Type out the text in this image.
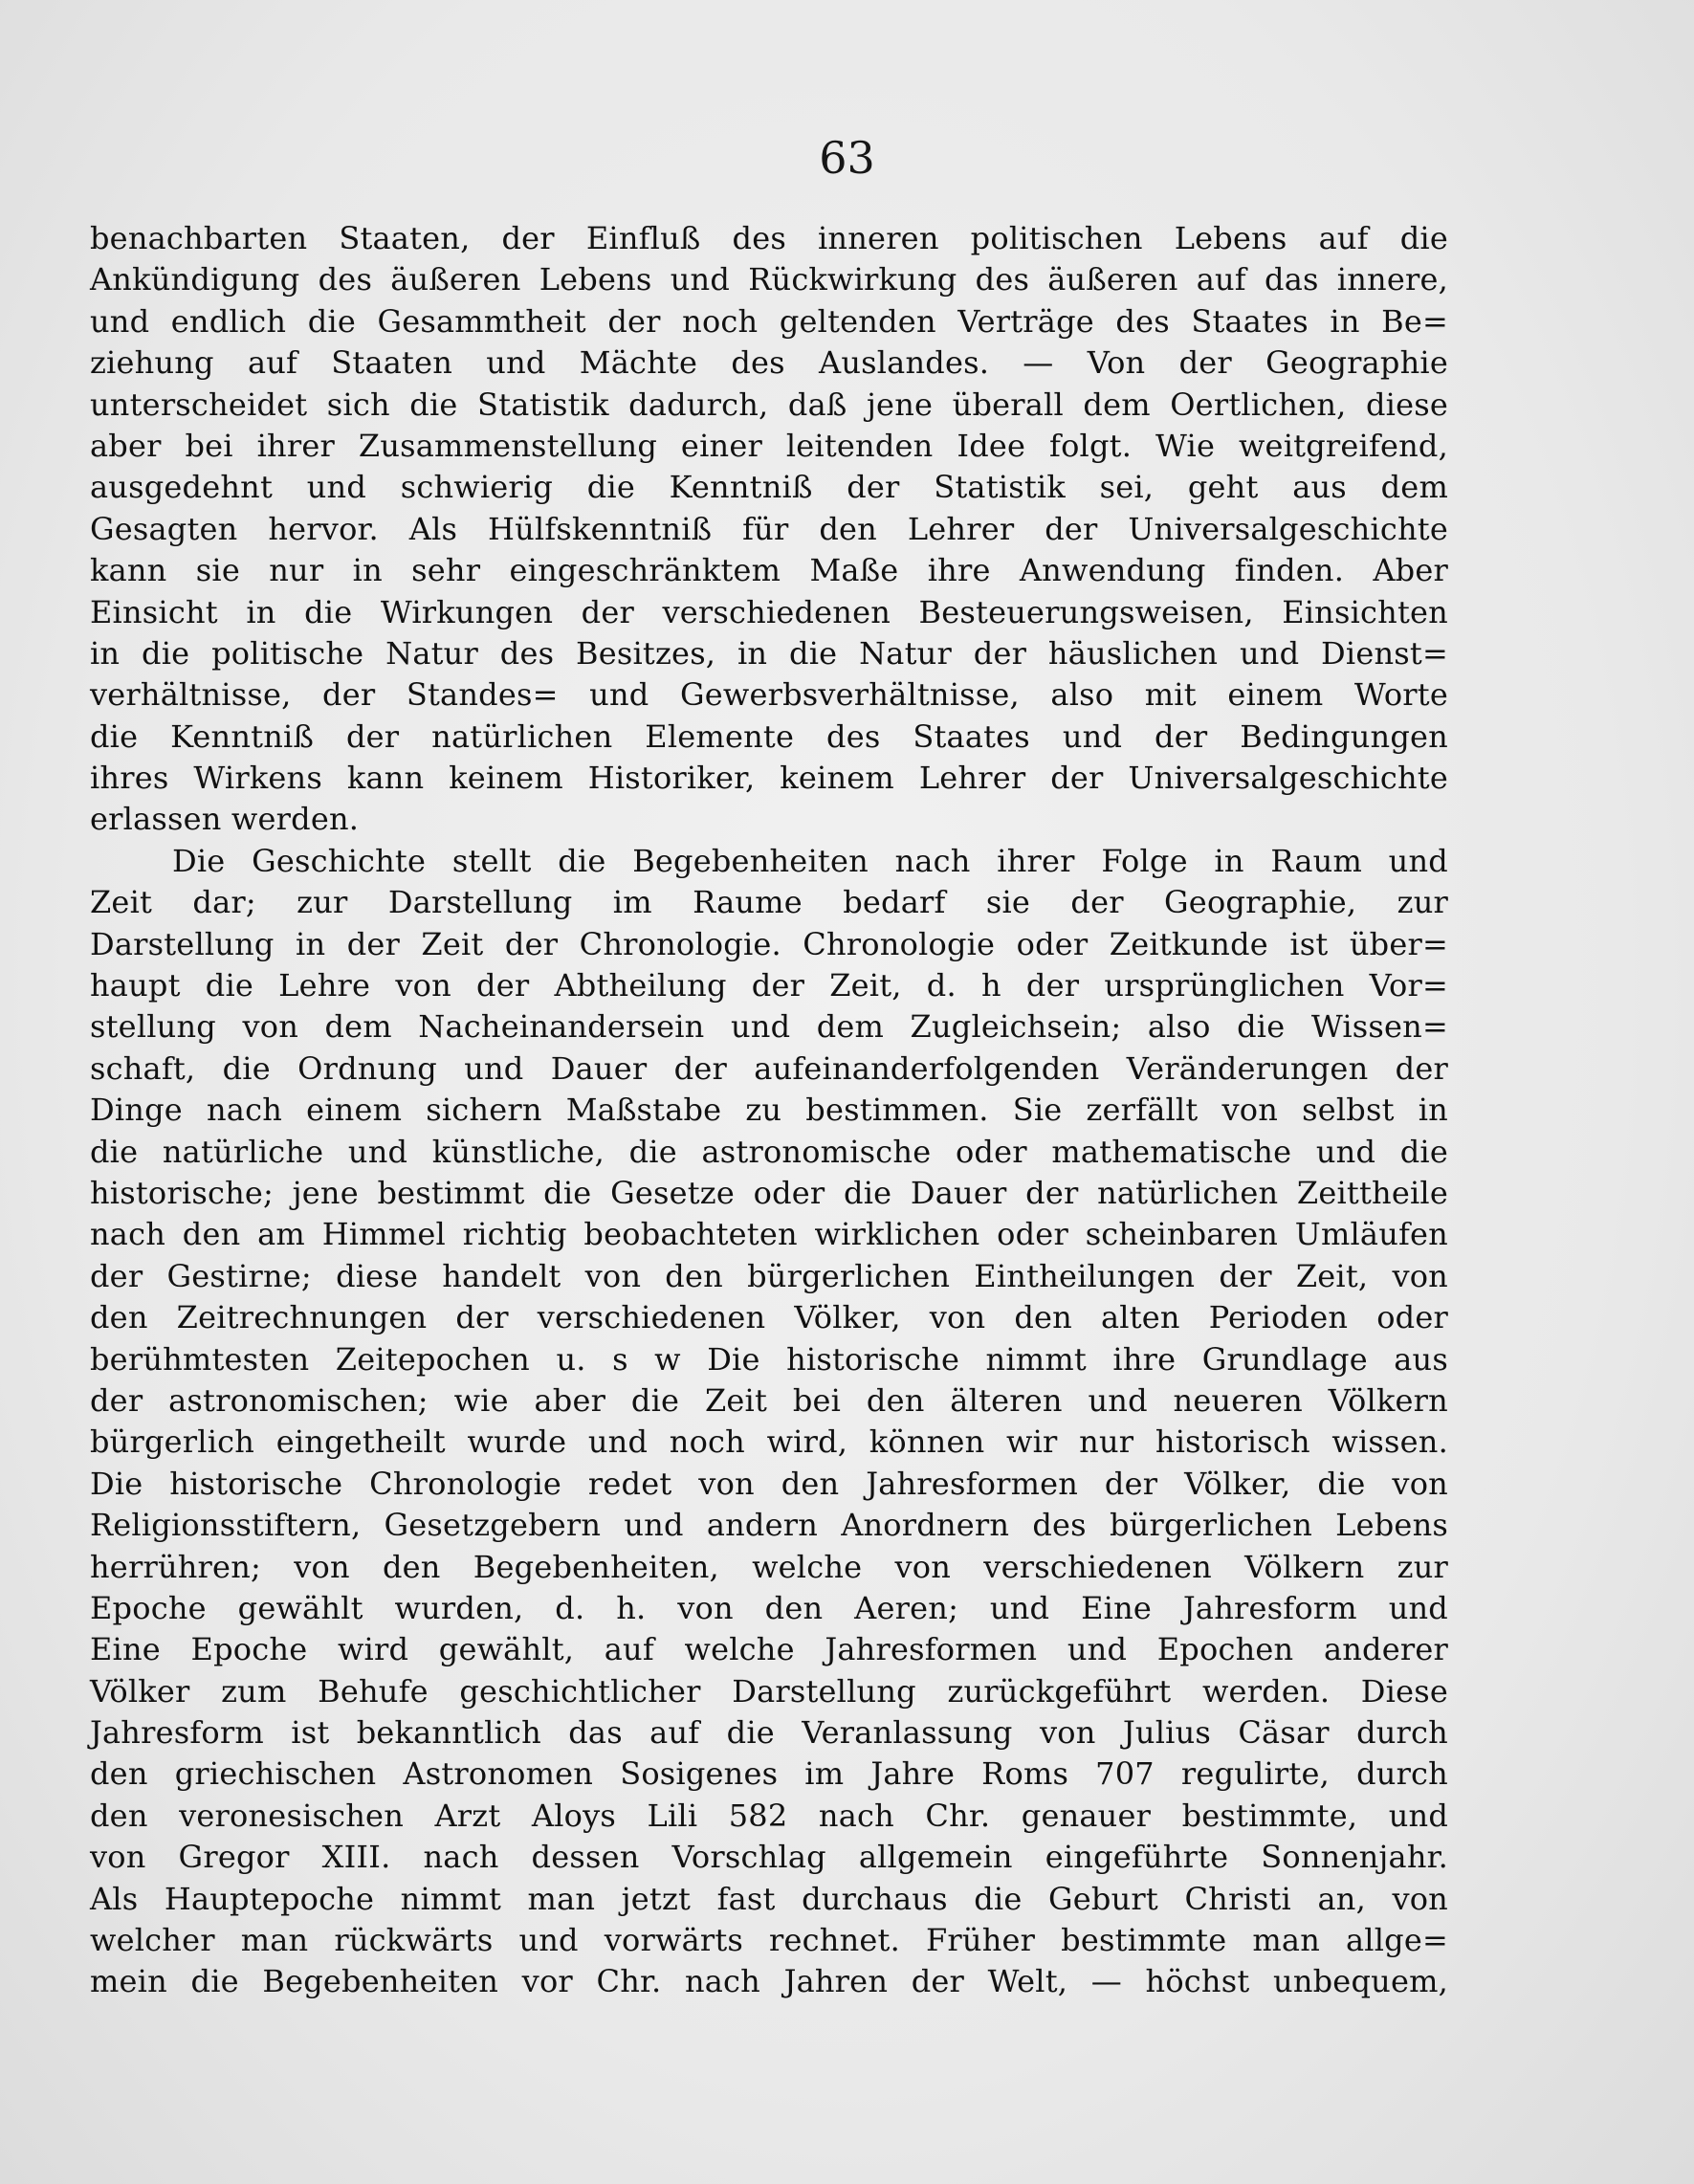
63
benachbarten Staaten, der Einfluß des inneren politischen Lebens auf die
Ankündigung des äußeren Lebens und Rückwirkung des äußeren auf das innere,
und endlich die Gesammtheit der noch geltenden Verträge des Staates in Be=
ziehung auf Staaten und Mächte des Auslandes. — Von der Geographie
unterscheidet sich die Statistik dadurch, daß jene überall dem Oertlichen, diese
aber bei ihrer Zusammenstellung einer leitenden Idee folgt. Wie weitgreifend,
ausgedehnt und schwierig die Kenntniß der Statistik sei, geht aus dem
Gesagten hervor. Als Hülfskenntniß für den Lehrer der Universalgeschichte
kann sie nur in sehr eingeschränktem Maße ihre Anwendung finden. Aber
Einsicht in die Wirkungen der verschiedenen Besteuerungsweisen, Einsichten
in die politische Natur des Besitzes, in die Natur der häuslichen und Dienst=
verhältnisse, der Standes= und Gewerbsverhältnisse, also mit einem Worte
die Kenntniß der natürlichen Elemente des Staates und der Bedingungen
ihres Wirkens kann keinem Historiker, keinem Lehrer der Universalgeschichte
erlassen werden.
Die Geschichte stellt die Begebenheiten nach ihrer Folge in Raum und
Zeit dar; zur Darstellung im Raume bedarf sie der Geographie, zur
Darstellung in der Zeit der Chronologie. Chronologie oder Zeitkunde ist über=
haupt die Lehre von der Abtheilung der Zeit, d. h der ursprünglichen Vor=
stellung von dem Nacheinandersein und dem Zugleichsein; also die Wissen=
schaft, die Ordnung und Dauer der aufeinanderfolgenden Veränderungen der
Dinge nach einem sichern Maßstabe zu bestimmen. Sie zerfällt von selbst in
die natürliche und künstliche, die astronomische oder mathematische und die
historische; jene bestimmt die Gesetze oder die Dauer der natürlichen Zeittheile
nach den am Himmel richtig beobachteten wirklichen oder scheinbaren Umläufen
der Gestirne; diese handelt von den bürgerlichen Eintheilungen der Zeit, von
den Zeitrechnungen der verschiedenen Völker, von den alten Perioden oder
berühmtesten Zeitepochen u. s w Die historische nimmt ihre Grundlage aus
der astronomischen; wie aber die Zeit bei den älteren und neueren Völkern
bürgerlich eingetheilt wurde und noch wird, können wir nur historisch wissen.
Die historische Chronologie redet von den Jahresformen der Völker, die von
Religionsstiftern, Gesetzgebern und andern Anordnern des bürgerlichen Lebens
herrühren; von den Begebenheiten, welche von verschiedenen Völkern zur
Epoche gewählt wurden, d. h. von den Aeren; und Eine Jahresform und
Eine Epoche wird gewählt, auf welche Jahresformen und Epochen anderer
Völker zum Behufe geschichtlicher Darstellung zurückgeführt werden. Diese
Jahresform ist bekanntlich das auf die Veranlassung von Julius Cäsar durch
den griechischen Astronomen Sosigenes im Jahre Roms 707 regulirte, durch
den veronesischen Arzt Aloys Lili 582 nach Chr. genauer bestimmte, und
von Gregor XIII. nach dessen Vorschlag allgemein eingeführte Sonnenjahr.
Als Hauptepoche nimmt man jetzt fast durchaus die Geburt Christi an, von
welcher man rückwärts und vorwärts rechnet. Früher bestimmte man allge=
mein die Begebenheiten vor Chr. nach Jahren der Welt, — höchst unbequem,
